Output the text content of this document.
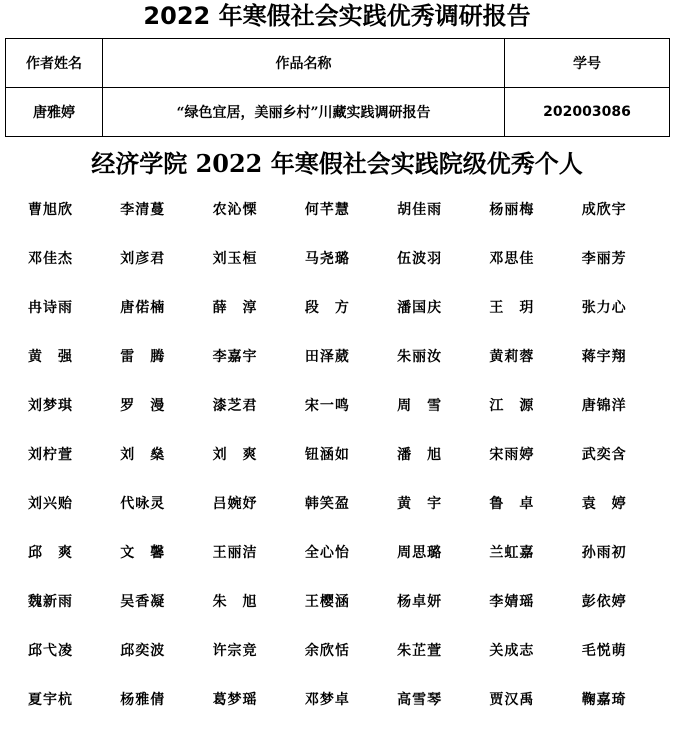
2022 年寒假社会实践优秀调研报告
作者姓名	作品名称	学号
唐雅婷	“绿色宜居，美丽乡村”川藏实践调研报告	202003086
经济学院 2022 年寒假社会实践院级优秀个人
曹旭欣	李清蔓	农沁慄	何芊慧	胡佳雨	杨丽梅	成欣宇
邓佳杰	刘彦君	刘玉桓	马尧璐	伍波羽	邓思佳	李丽芳
冉诗雨	唐偌楠	薛　淳	段　方	潘国庆	王　玥	张力心
黄　强	雷　腾	李嘉宇	田泽葳	朱丽汝	黄莉蓉	蒋宇翔
刘梦琪	罗　漫	漆芝君	宋一鸣	周　雪	江　源	唐锦洋
刘柠萱	刘　燊	刘　爽	钮涵如	潘　旭	宋雨婷	武奕含
刘兴贻	代咏灵	吕婉妤	韩笑盈	黄　宇	鲁　卓	袁　婷
邱　爽	文　馨	王丽洁	全心怡	周思璐	兰虹嘉	孙雨初
魏新雨	吴香凝	朱　旭	王樱涵	杨卓妍	李婧瑶	彭依婷
邱弋凌	邱奕波	许宗竞	余欣恬	朱芷萱	关成志	毛悦萌
夏宇杭	杨雅倩	葛梦瑶	邓梦卓	高雪琴	贾汉禹	鞠嘉琦
